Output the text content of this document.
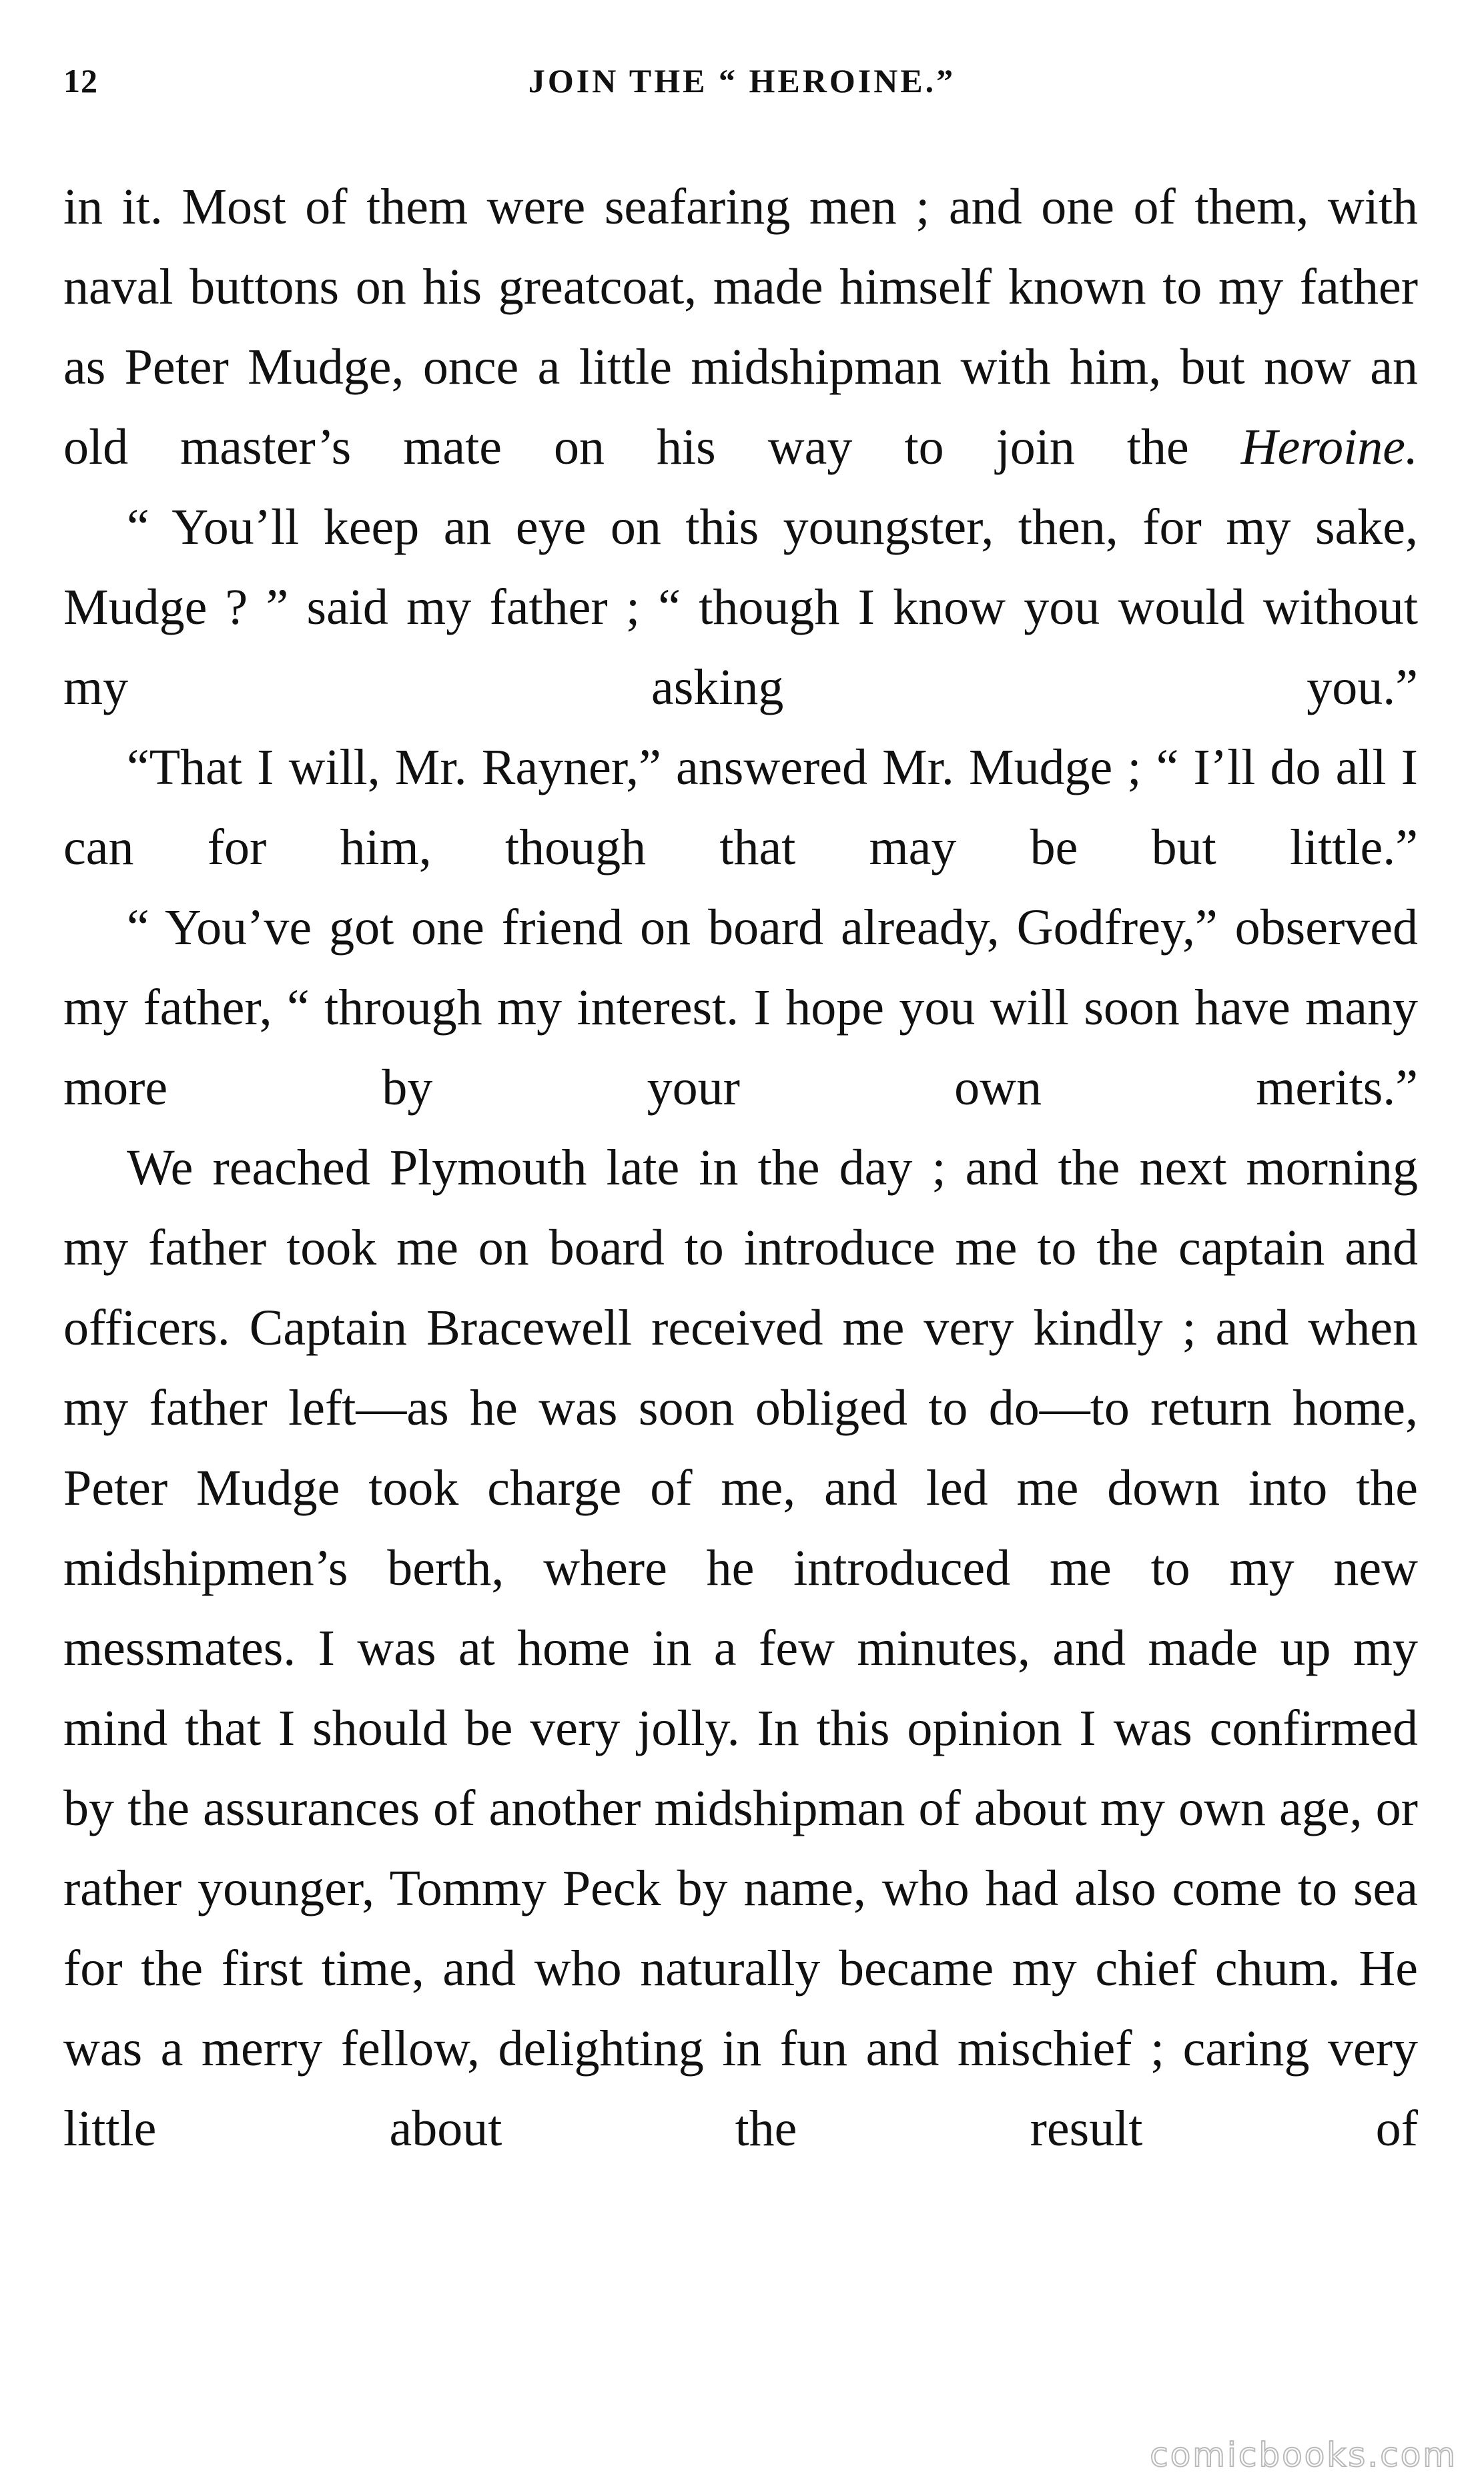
12	JOIN THE “ HEROINE.”

in it. Most of them were seafaring men ; and one of them, with naval buttons on his greatcoat, made himself known to my father as Peter Mudge, once a little midshipman with him, but now an old master’s mate on his way to join the Heroine.

“ You’ll keep an eye on this youngster, then, for my sake, Mudge ? ” said my father ; “ though I know you would without my asking you.”

“That I will, Mr. Rayner,” answered Mr. Mudge ; “ I’ll do all I can for him, though that may be but little.”

“ You’ve got one friend on board already, Godfrey,” observed my father, “ through my interest. I hope you will soon have many more by your own merits.”

We reached Plymouth late in the day ; and the next morning my father took me on board to introduce me to the captain and officers. Captain Bracewell received me very kindly ; and when my father left—as he was soon obliged to do—to return home, Peter Mudge took charge of me, and led me down into the midshipmen’s berth, where he introduced me to my new messmates. I was at home in a few minutes, and made up my mind that I should be very jolly. In this opinion I was confirmed by the assurances of another midshipman of about my own age, or rather younger, Tommy Peck by name, who had also come to sea for the first time, and who naturally became my chief chum. He was a merry fellow, delighting in fun and mischief ; caring very little about the result of

comicbooks.com
